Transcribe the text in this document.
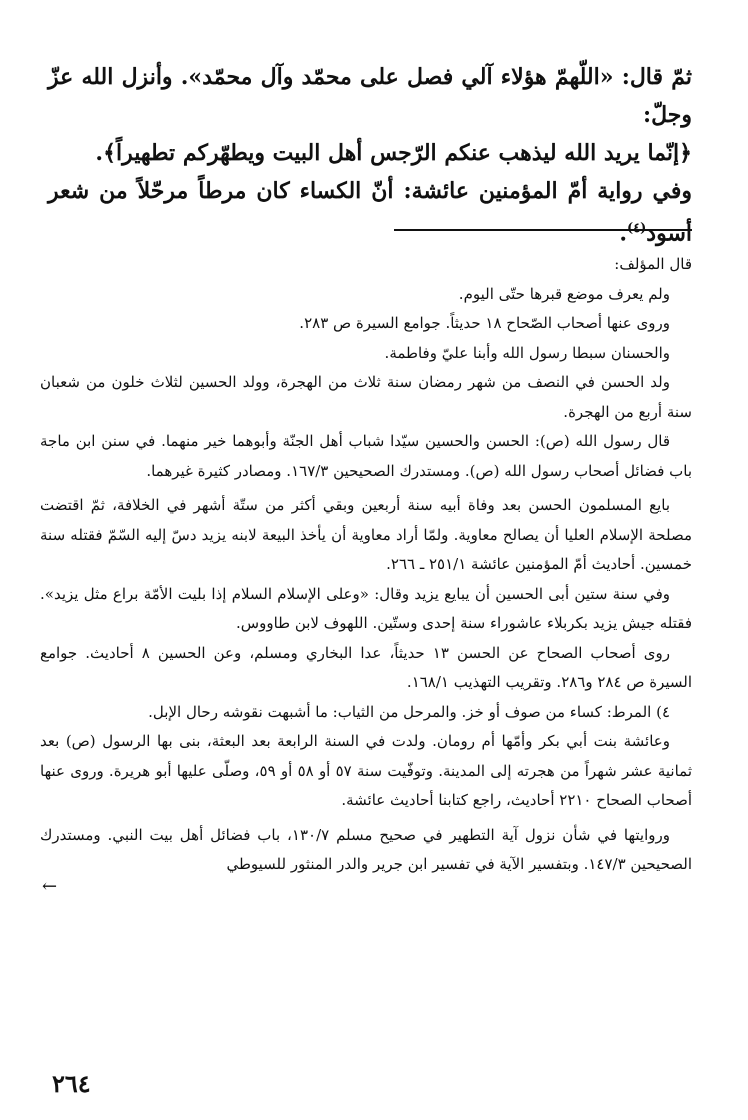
ثمّ قال: «اللّهمّ هؤلاء آلي فصل على محمّد وآل محمّد». وأنزل الله عزّ وجلّ:

﴿إنّما يريد الله ليذهب عنكم الرّجس أهل البيت ويطهّركم تطهيراً﴾.

وفي رواية أمّ المؤمنين عائشة: أنّ الكساء كان مرطاً مرحّلاً من شعر أسود$^{(٤)}$.

قال المؤلف:

ولم يعرف موضع قبرها حتّى اليوم.

وروى عنها أصحاب الصّحاح ١٨ حديثاً. جوامع السيرة ص ٢٨٣.

والحسنان سبطا رسول الله وأبنا عليّ وفاطمة.

ولد الحسن في النصف من شهر رمضان سنة ثلاث من الهجرة، وولد الحسين لثلاث خلون من شعبان سنة أربع من الهجرة.

قال رسول الله (ص): الحسن والحسين سيّدا شباب أهل الجنّة وأبوهما خير منهما. في سنن ابن ماجة باب فضائل أصحاب رسول الله (ص). ومستدرك الصحيحين ١٦٧/٣. ومصادر كثيرة غيرهما.

بايع المسلمون الحسن بعد وفاة أبيه سنة أربعين وبقي أكثر من ستّة أشهر في الخلافة، ثمّ اقتضت مصلحة الإسلام العليا أن يصالح معاوية. ولمّا أراد معاوية أن يأخذ البيعة لابنه يزيد دسّ إليه السّمّ فقتله سنة خمسين. أحاديث أمّ المؤمنين عائشة ٢٥١/١ ـ ٢٦٦.

وفي سنة ستين أبى الحسين أن يبايع يزيد وقال: «وعلى الإسلام السلام إذا بليت الأمّة براع مثل يزيد». فقتله جيش يزيد بكربلاء عاشوراء سنة إحدى وستّين. اللهوف لابن طاووس.

روى أصحاب الصحاح عن الحسن ١٣ حديثاً، عدا البخاري ومسلم، وعن الحسين ٨ أحاديث. جوامع السيرة ص ٢٨٤ و٢٨٦. وتقريب التهذيب ١٦٨/١.

٤) المرط: كساء من صوف أو خز. والمرحل من الثياب: ما أشبهت نقوشه رحال الإبل.

وعائشة بنت أبي بكر وأمّها أم رومان. ولدت في السنة الرابعة بعد البعثة، بنى بها الرسول (ص) بعد ثمانية عشر شهراً من هجرته إلى المدينة. وتوفّيت سنة ٥٧ أو ٥٨ أو ٥٩، وصلّى عليها أبو هريرة. وروى عنها أصحاب الصحاح ٢٢١٠ أحاديث، راجع كتابنا أحاديث عائشة.

وروايتها في شأن نزول آية التطهير في صحيح مسلم ١٣٠/٧، باب فضائل أهل بيت النبي. ومستدرك الصحيحين ١٤٧/٣. وبتفسير الآية في تفسير ابن جرير والدر المنثور للسيوطي

←
٢٦٤
